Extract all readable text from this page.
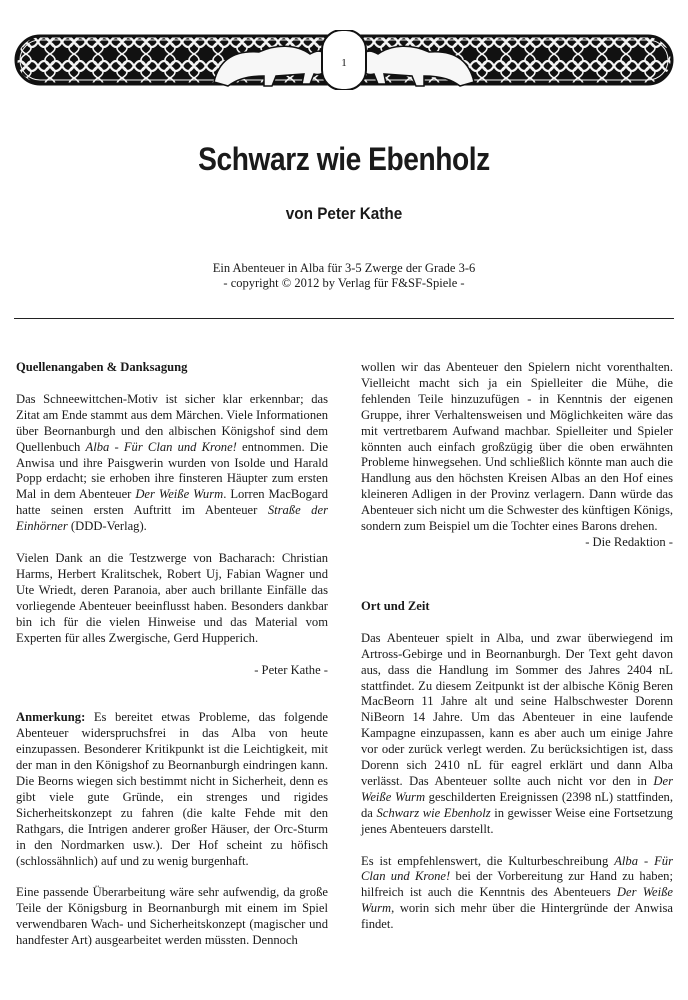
1
Schwarz wie Ebenholz
von Peter Kathe
Ein Abenteuer in Alba für 3-5 Zwerge der Grade 3-6
- copyright © 2012 by Verlag für F&SF-Spiele -
Quellenangaben & Danksagung

Das Schneewittchen-Motiv ist sicher klar erkennbar; das Zitat am Ende stammt aus dem Märchen. Viele Informationen über Beornanburgh und den albischen Königshof sind dem Quellenbuch Alba - Für Clan und Krone! entnommen. Die Anwisa und ihre Paisgwerin wurden von Isolde und Harald Popp erdacht; sie erhoben ihre finsteren Häupter zum ersten Mal in dem Abenteuer Der Weiße Wurm. Lorren MacBogard hatte seinen ersten Auftritt im Abenteuer Straße der Einhörner (DDD-Verlag).

Vielen Dank an die Testzwerge von Bacharach: Christian Harms, Herbert Kralitschek, Robert Uj, Fabian Wagner und Ute Wriedt, deren Paranoia, aber auch brillante Einfälle das vorliegende Abenteuer beeinflusst haben. Besonders dankbar bin ich für die vielen Hinweise und das Material vom Experten für alles Zwergische, Gerd Hupperich.

- Peter Kathe -

Anmerkung: Es bereitet etwas Probleme, das folgende Abenteuer widerspruchsfrei in das Alba von heute einzupassen. Besonderer Kritikpunkt ist die Leichtigkeit, mit der man in den Königshof zu Beornanburgh eindringen kann. Die Beorns wiegen sich bestimmt nicht in Sicherheit, denn es gibt viele gute Gründe, ein strenges und rigides Sicherheitskonzept zu fahren (die kalte Fehde mit den Rathgars, die Intrigen anderer großer Häuser, der Orc-Sturm in den Nordmarken usw.). Der Hof scheint zu höfisch (schlossähnlich) auf und zu wenig burgenhaft.

Eine passende Überarbeitung wäre sehr aufwendig, da große Teile der Königsburg in Beornanburgh mit einem im Spiel verwendbaren Wach- und Sicherheitskonzept (magischer und handfester Art) ausgearbeitet werden müssten. Dennoch

wollen wir das Abenteuer den Spielern nicht vorenthalten. Vielleicht macht sich ja ein Spielleiter die Mühe, die fehlenden Teile hinzuzufügen - in Kenntnis der eigenen Gruppe, ihrer Verhaltensweisen und Möglichkeiten wäre das mit vertretbarem Aufwand machbar. Spielleiter und Spieler könnten auch einfach großzügig über die oben erwähnten Probleme hinwegsehen. Und schließlich könnte man auch die Handlung aus den höchsten Kreisen Albas an den Hof eines kleineren Adligen in der Provinz verlagern. Dann würde das Abenteuer sich nicht um die Schwester des künftigen Königs, sondern zum Beispiel um die Tochter eines Barons drehen.

- Die Redaktion -

Ort und Zeit

Das Abenteuer spielt in Alba, und zwar überwiegend im Artross-Gebirge und in Beornanburgh. Der Text geht davon aus, dass die Handlung im Sommer des Jahres 2404 nL stattfindet. Zu diesem Zeitpunkt ist der albische König Beren MacBeorn 11 Jahre alt und seine Halbschwester Dorenn NiBeorn 14 Jahre. Um das Abenteuer in eine laufende Kampagne einzupassen, kann es aber auch um einige Jahre vor oder zurück verlegt werden. Zu berücksichtigen ist, dass Dorenn sich 2410 nL für eagrel erklärt und dann Alba verlässt. Das Abenteuer sollte auch nicht vor den in Der Weiße Wurm geschilderten Ereignissen (2398 nL) stattfinden, da Schwarz wie Ebenholz in gewisser Weise eine Fortsetzung jenes Abenteuers darstellt.

Es ist empfehlenswert, die Kulturbeschreibung Alba - Für Clan und Krone! bei der Vorbereitung zur Hand zu haben; hilfreich ist auch die Kenntnis des Abenteuers Der Weiße Wurm, worin sich mehr über die Hintergründe der Anwisa findet.
